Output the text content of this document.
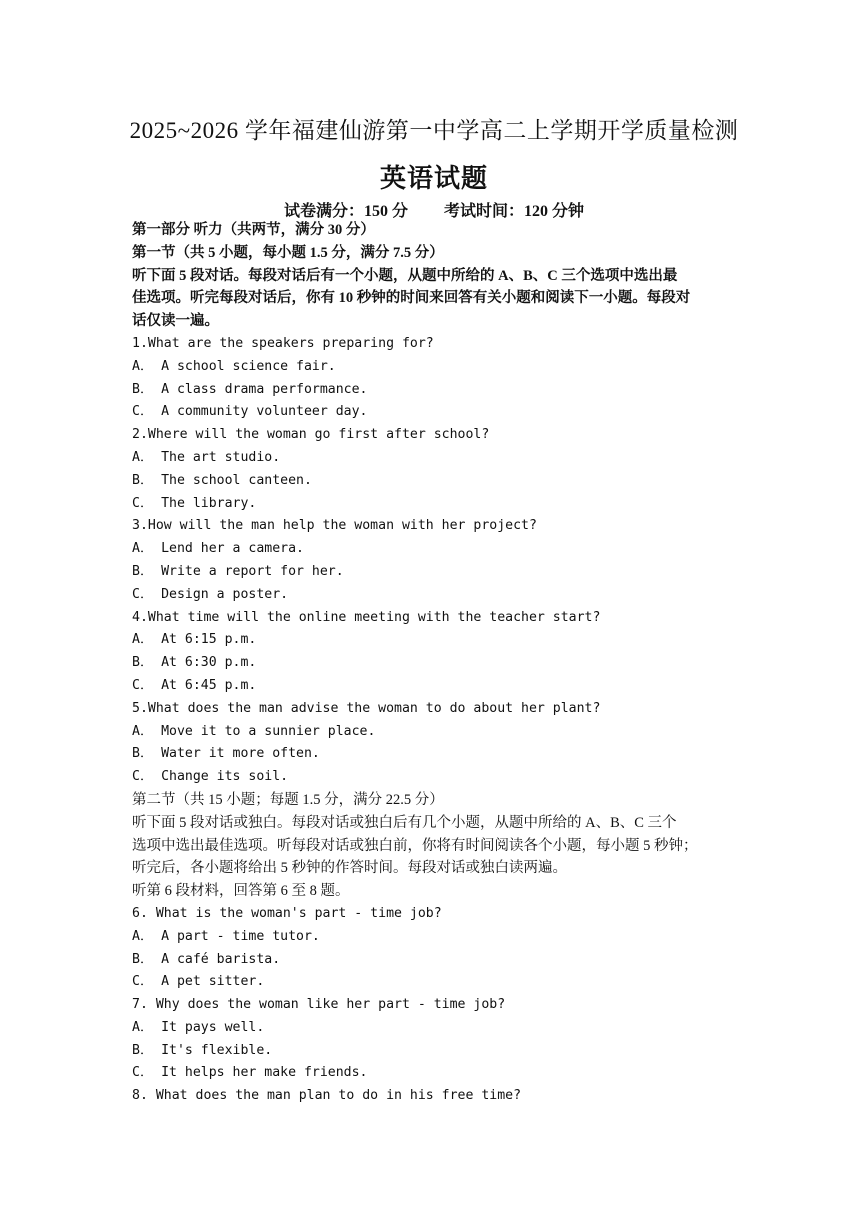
2025~2026 学年福建仙游第一中学高二上学期开学质量检测
英语试题
试卷满分：150 分 考试时间：120 分钟
第一部分 听力（共两节，满分 30 分）
第一节（共 5 小题，每小题 1.5 分，满分 7.5 分）
听下面 5 段对话。每段对话后有一个小题，从题中所给的 A、B、C 三个选项中选出最
佳选项。听完每段对话后，你有 10 秒钟的时间来回答有关小题和阅读下一小题。每段对
话仅读一遍。
1.What are the speakers preparing for?
A． A school science fair.
B． A class drama performance.
C． A community volunteer day.
2.Where will the woman go first after school?
A． The art studio.
B． The school canteen.
C． The library.
3.How will the man help the woman with her project?
A． Lend her a camera.
B． Write a report for her.
C． Design a poster.
4.What time will the online meeting with the teacher start?
A． At 6:15 p.m.
B． At 6:30 p.m.
C． At 6:45 p.m.
5.What does the man advise the woman to do about her plant?
A． Move it to a sunnier place.
B． Water it more often.
C． Change its soil.
第二节（共 15 小题；每题 1.5 分，满分 22.5 分）
听下面 5 段对话或独白。每段对话或独白后有几个小题，从题中所给的 A、B、C 三个
选项中选出最佳选项。听每段对话或独白前，你将有时间阅读各个小题，每小题 5 秒钟；
听完后，各小题将给出 5 秒钟的作答时间。每段对话或独白读两遍。
听第 6 段材料，回答第 6 至 8 题。
6. What is the woman's part - time job?
A． A part - time tutor.
B． A café barista.
C． A pet sitter.
7. Why does the woman like her part - time job?
A． It pays well.
B． It's flexible.
C． It helps her make friends.
8. What does the man plan to do in his free time?
